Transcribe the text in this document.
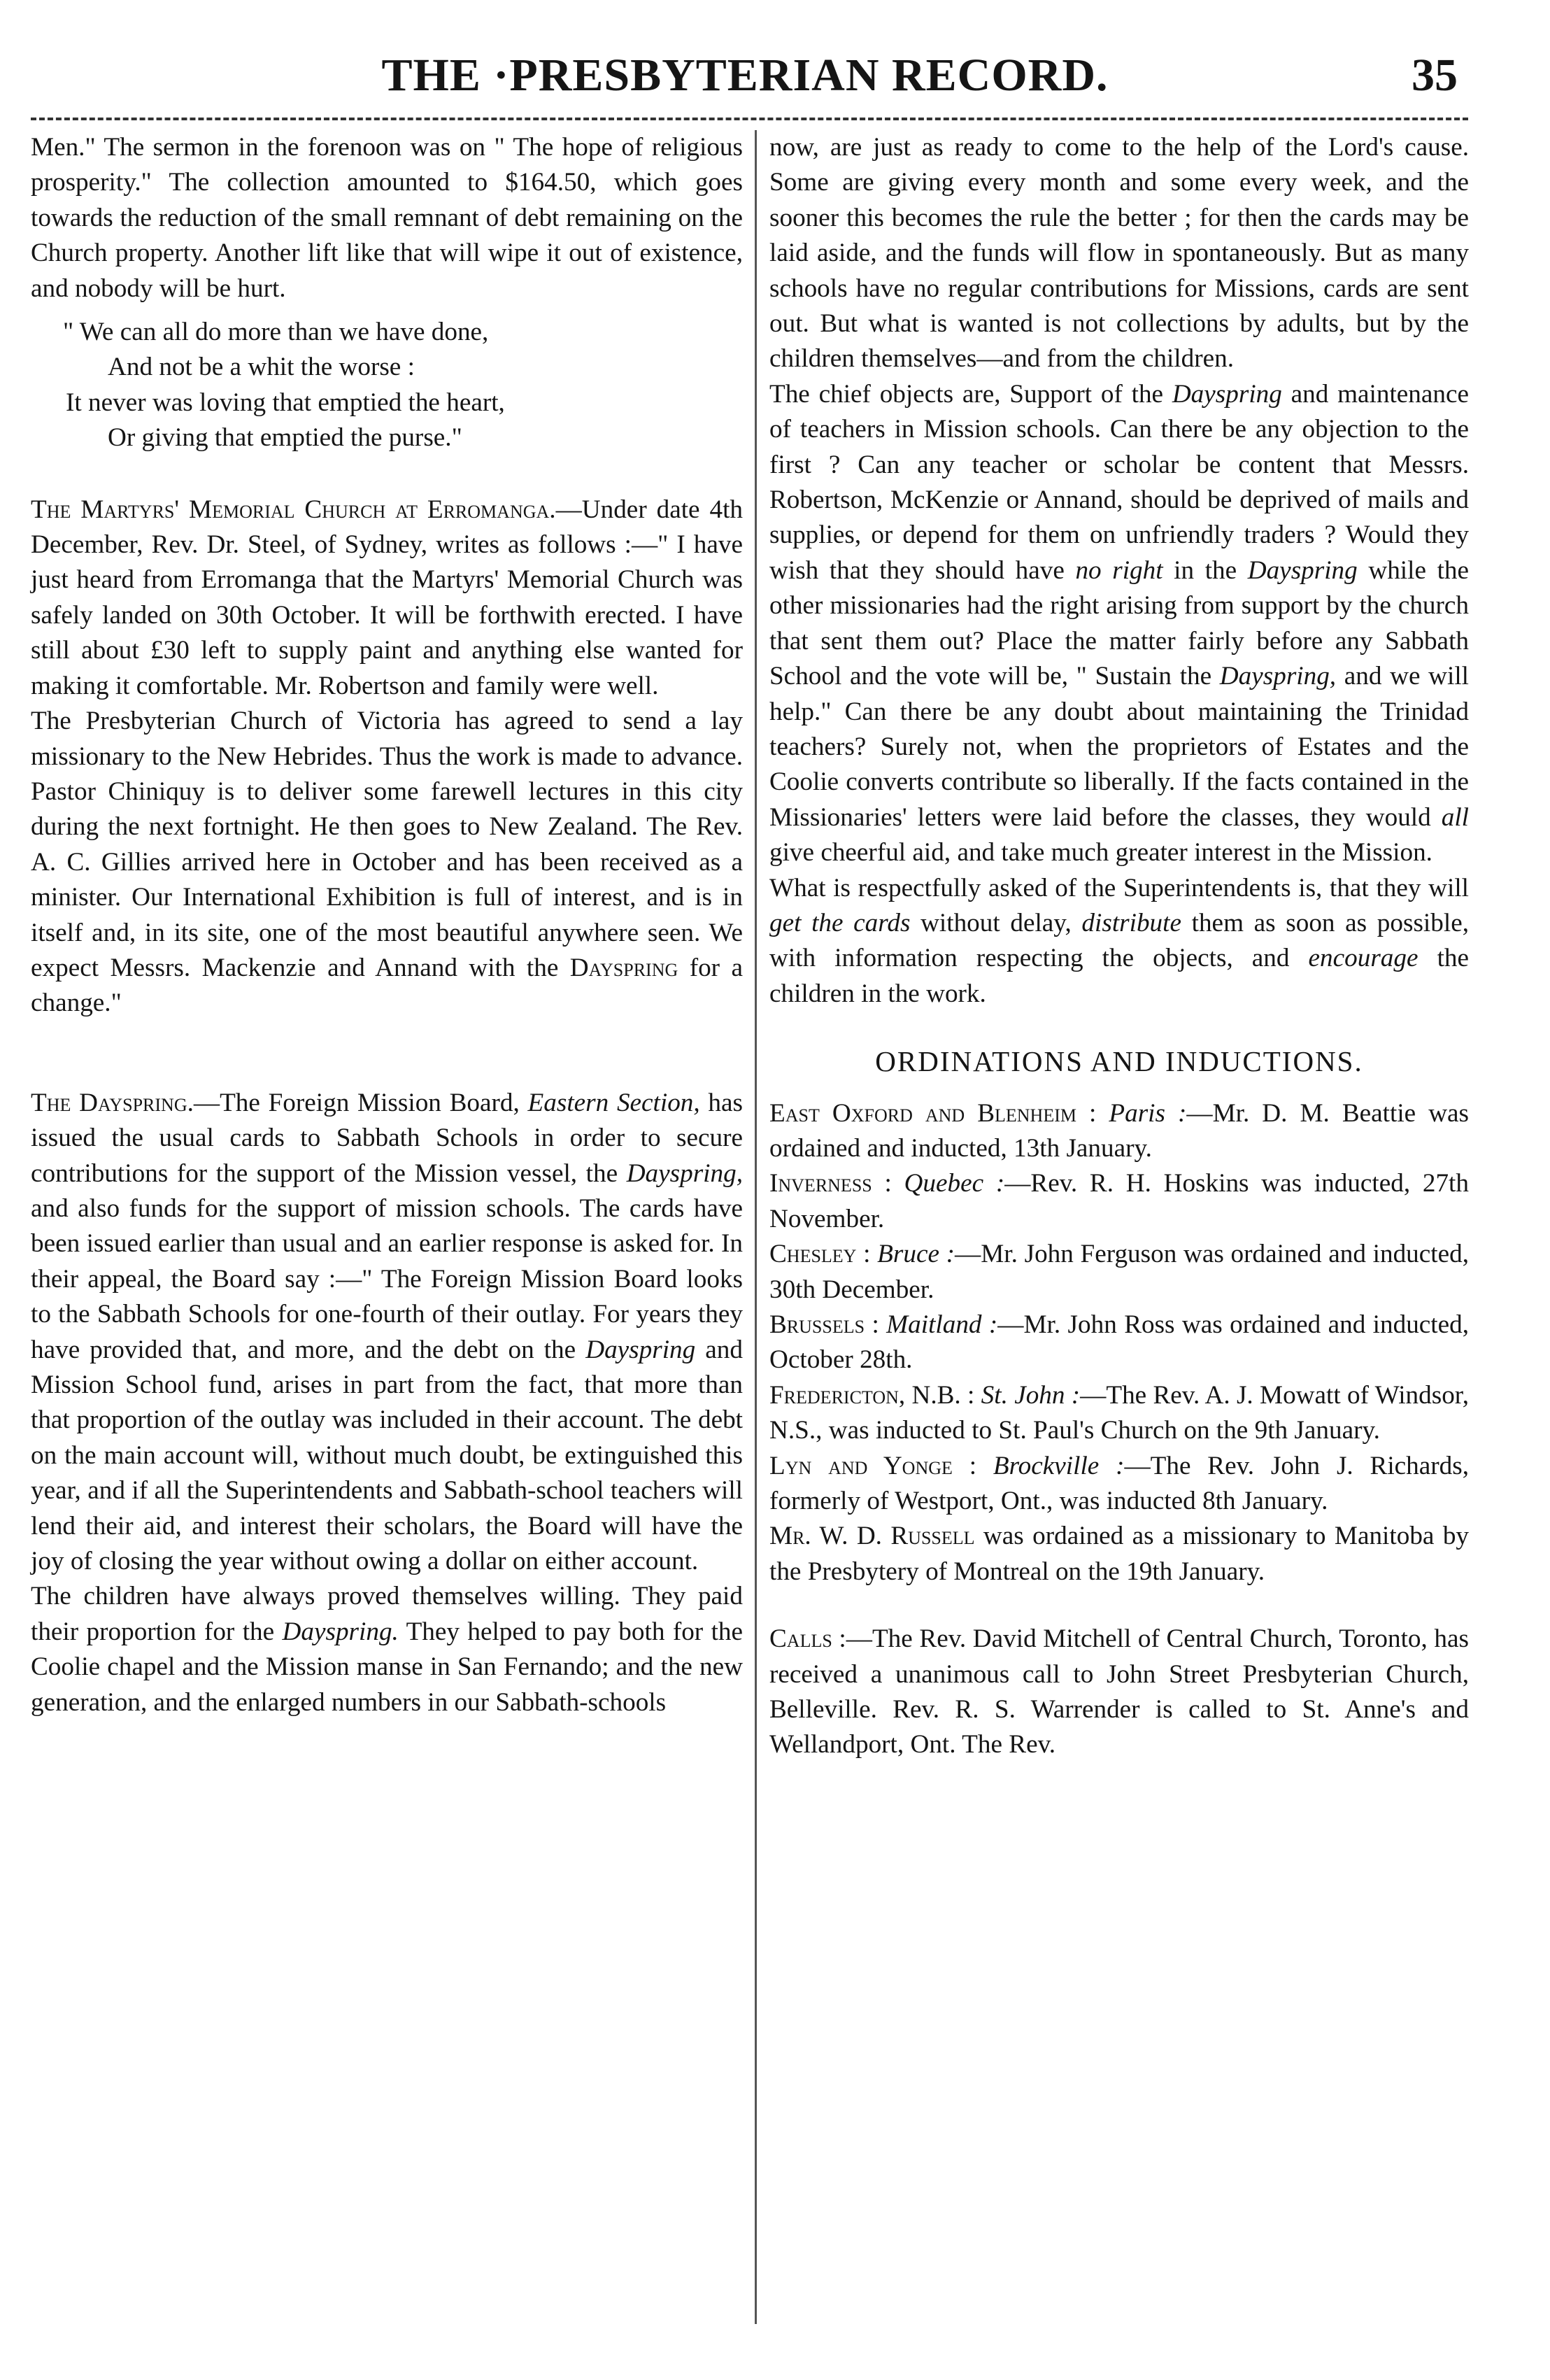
THE ·PRESBYTERIAN RECORD.	35

Men." The sermon in the forenoon was on " The hope of religious prosperity." The collection amounted to $164.50, which goes towards the reduction of the small remnant of debt remaining on the Church property. Another lift like that will wipe it out of existence, and nobody will be hurt.

" We can all do more than we have done,
And not be a whit the worse :
It never was loving that emptied the heart,
Or giving that emptied the purse."

The Martyrs' Memorial Church at Erromanga.—Under date 4th December, Rev. Dr. Steel, of Sydney, writes as follows :—" I have just heard from Erromanga that the Martyrs' Memorial Church was safely landed on 30th October. It will be forthwith erected. I have still about £30 left to supply paint and anything else wanted for making it comfortable. Mr. Robertson and family were well.

The Presbyterian Church of Victoria has agreed to send a lay missionary to the New Hebrides. Thus the work is made to advance. Pastor Chiniquy is to deliver some farewell lectures in this city during the next fortnight. He then goes to New Zealand. The Rev. A. C. Gillies arrived here in October and has been received as a minister. Our International Exhibition is full of interest, and is in itself and, in its site, one of the most beautiful anywhere seen. We expect Messrs. Mackenzie and Annand with the Dayspring for a change."

The Dayspring.—The Foreign Mission Board, Eastern Section, has issued the usual cards to Sabbath Schools in order to secure contributions for the support of the Mission vessel, the Dayspring, and also funds for the support of mission schools. The cards have been issued earlier than usual and an earlier response is asked for. In their appeal, the Board say :—" The Foreign Mission Board looks to the Sabbath Schools for one-fourth of their outlay. For years they have provided that, and more, and the debt on the Dayspring and Mission School fund, arises in part from the fact, that more than that proportion of the outlay was included in their account. The debt on the main account will, without much doubt, be extinguished this year, and if all the Superintendents and Sabbath-school teachers will lend their aid, and interest their scholars, the Board will have the joy of closing the year without owing a dollar on either account.

The children have always proved themselves willing. They paid their proportion for the Dayspring. They helped to pay both for the Coolie chapel and the Mission manse in San Fernando; and the new generation, and the enlarged numbers in our Sabbath-schools

now, are just as ready to come to the help of the Lord's cause. Some are giving every month and some every week, and the sooner this becomes the rule the better ; for then the cards may be laid aside, and the funds will flow in spontaneously. But as many schools have no regular contributions for Missions, cards are sent out. But what is wanted is not collections by adults, but by the children themselves—and from the children.

The chief objects are, Support of the Dayspring and maintenance of teachers in Mission schools. Can there be any objection to the first ? Can any teacher or scholar be content that Messrs. Robertson, McKenzie or Annand, should be deprived of mails and supplies, or depend for them on unfriendly traders ? Would they wish that they should have no right in the Dayspring while the other missionaries had the right arising from support by the church that sent them out? Place the matter fairly before any Sabbath School and the vote will be, " Sustain the Dayspring, and we will help." Can there be any doubt about maintaining the Trinidad teachers? Surely not, when the proprietors of Estates and the Coolie converts contribute so liberally. If the facts contained in the Missionaries' letters were laid before the classes, they would all give cheerful aid, and take much greater interest in the Mission.

What is respectfully asked of the Superintendents is, that they will get the cards without delay, distribute them as soon as possible, with information respecting the objects, and encourage the children in the work.

ORDINATIONS AND INDUCTIONS.

East Oxford and Blenheim : Paris :—Mr. D. M. Beattie was ordained and inducted, 13th January.

Inverness : Quebec :—Rev. R. H. Hoskins was inducted, 27th November.

Chesley : Bruce :—Mr. John Ferguson was ordained and inducted, 30th December.

Brussels : Maitland :—Mr. John Ross was ordained and inducted, October 28th.

Fredericton, N.B. : St. John :—The Rev. A. J. Mowatt of Windsor, N.S., was inducted to St. Paul's Church on the 9th January.

Lyn and Yonge : Brockville :—The Rev. John J. Richards, formerly of Westport, Ont., was inducted 8th January.

Mr. W. D. Russell was ordained as a missionary to Manitoba by the Presbytery of Montreal on the 19th January.

Calls :—The Rev. David Mitchell of Central Church, Toronto, has received a unanimous call to John Street Presbyterian Church, Belleville. Rev. R. S. Warrender is called to St. Anne's and Wellandport, Ont. The Rev.
